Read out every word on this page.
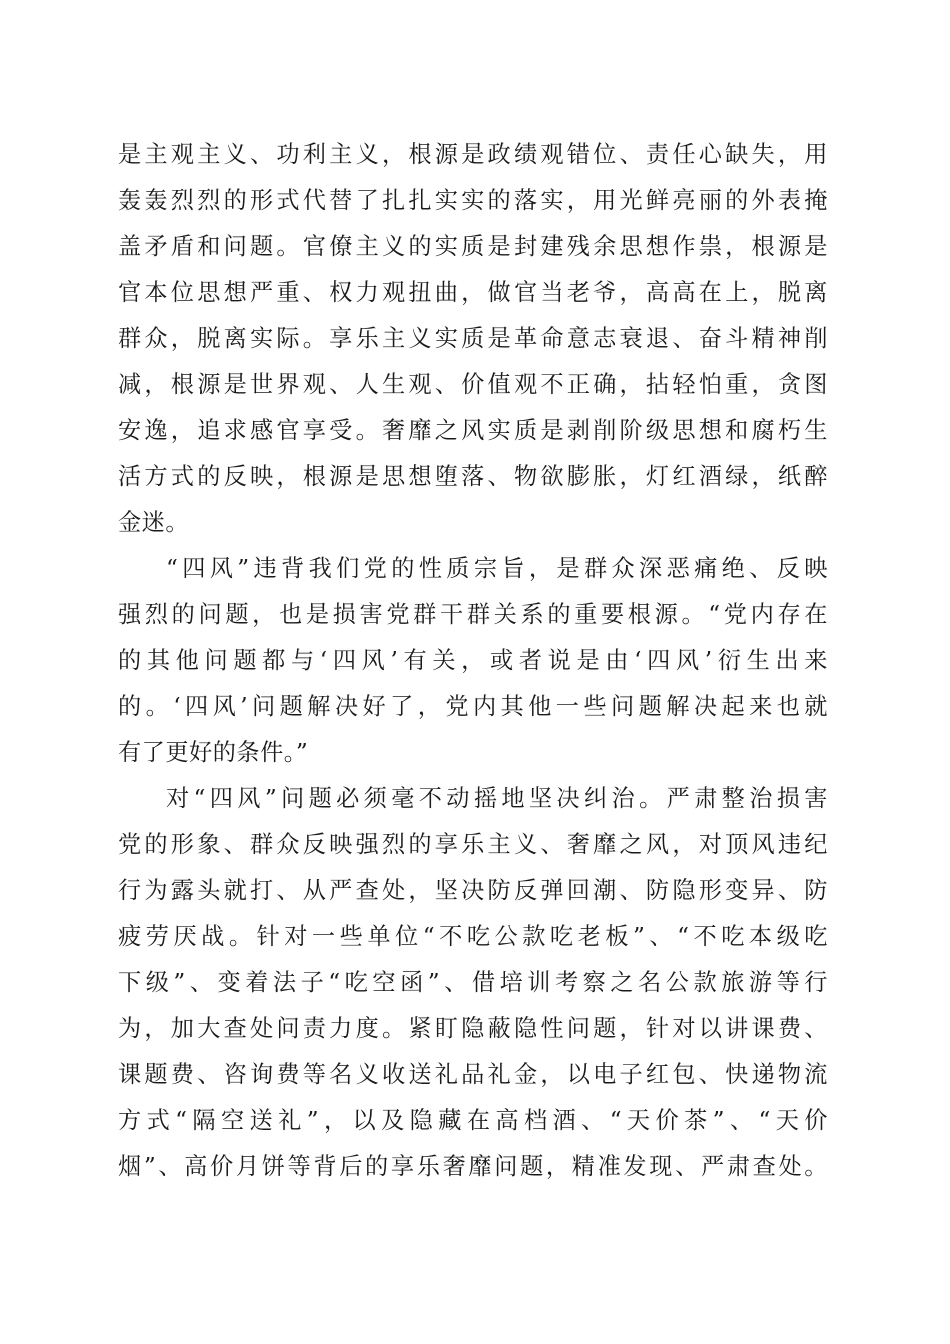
是主观主义、功利主义，根源是政绩观错位、责任心缺失，用
轰轰烈烈的形式代替了扎扎实实的落实，用光鲜亮丽的外表掩
盖矛盾和问题。官僚主义的实质是封建残余思想作祟，根源是
官本位思想严重、权力观扭曲，做官当老爷，高高在上，脱离
群众，脱离实际。享乐主义实质是革命意志衰退、奋斗精神削
减，根源是世界观、人生观、价值观不正确，拈轻怕重，贪图
安逸，追求感官享受。奢靡之风实质是剥削阶级思想和腐朽生
活方式的反映，根源是思想堕落、物欲膨胀，灯红酒绿，纸醉
金迷。
“四风”违背我们党的性质宗旨，是群众深恶痛绝、反映
强烈的问题，也是损害党群干群关系的重要根源。“党内存在
的其他问题都与‘四风’有关，或者说是由‘四风’衍生出来
的。‘四风’问题解决好了，党内其他一些问题解决起来也就
有了更好的条件。”
对“四风”问题必须毫不动摇地坚决纠治。严肃整治损害
党的形象、群众反映强烈的享乐主义、奢靡之风，对顶风违纪
行为露头就打、从严查处，坚决防反弹回潮、防隐形变异、防
疲劳厌战。针对一些单位“不吃公款吃老板”、“不吃本级吃
下级”、变着法子“吃空函”、借培训考察之名公款旅游等行
为，加大查处问责力度。紧盯隐蔽隐性问题，针对以讲课费、
课题费、咨询费等名义收送礼品礼金，以电子红包、快递物流
方式“隔空送礼”，以及隐藏在高档酒、“天价茶”、“天价
烟”、高价月饼等背后的享乐奢靡问题，精准发现、严肃查处。
